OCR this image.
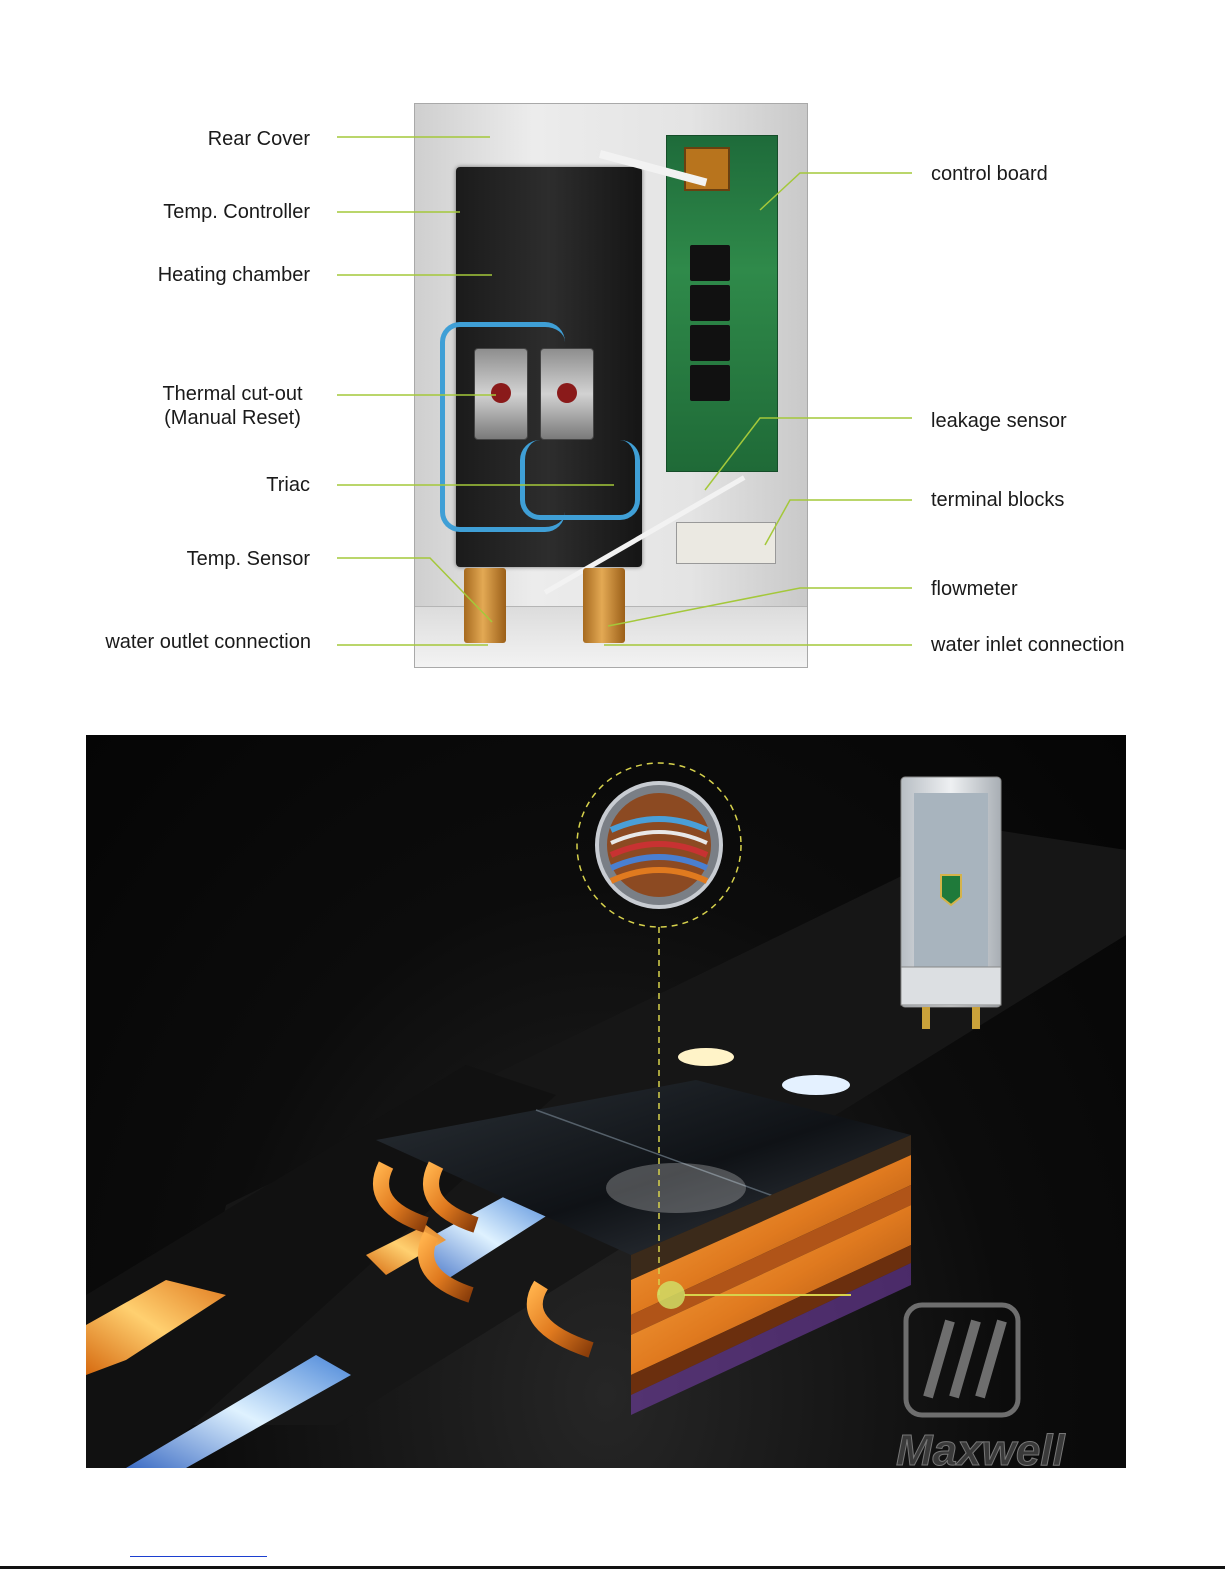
Rear Cover
Temp. Controller
Heating chamber
Thermal cut-out
(Manual Reset)
Triac
Temp. Sensor
water outlet connection
control board
leakage sensor
terminal blocks
flowmeter
water inlet connection
Maxwell
